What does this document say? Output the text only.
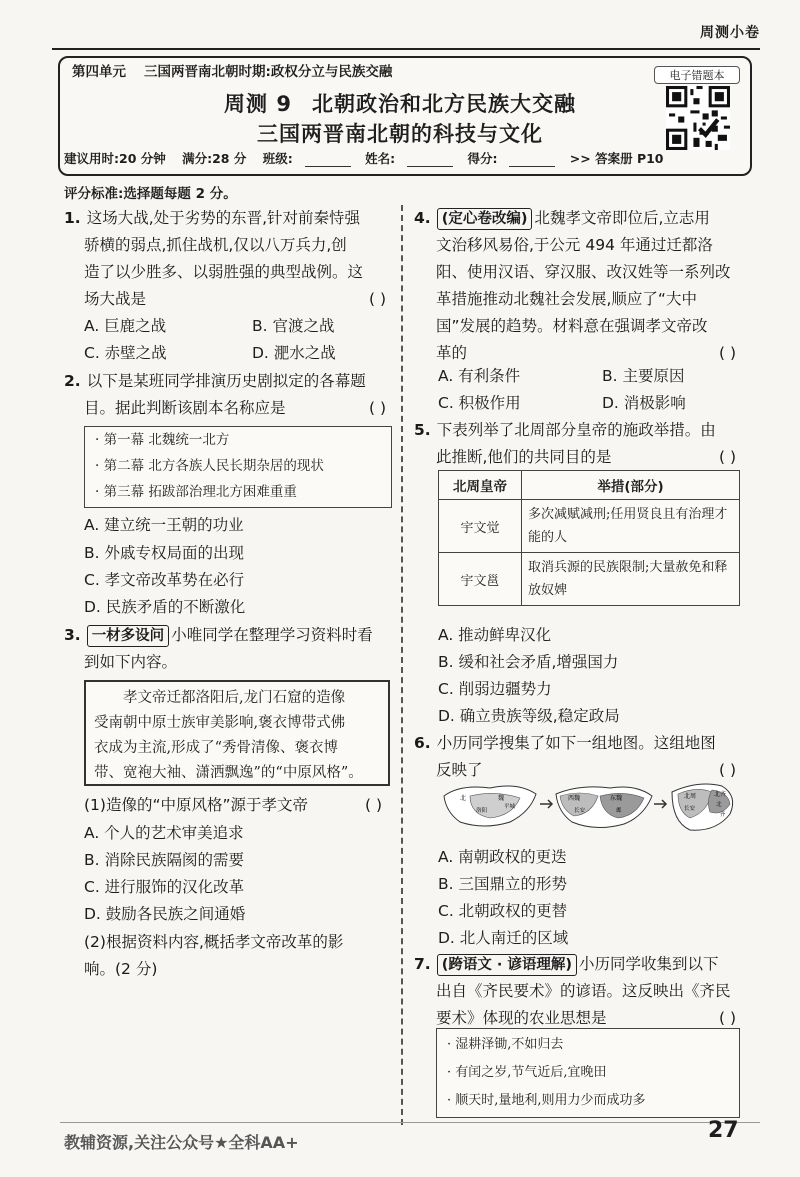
周测小卷
第四单元 三国两晋南北朝时期:政权分立与民族交融
周测 9 北朝政治和北方民族大交融
三国两晋南北朝的科技与文化
建议用时:20 分钟 满分:28 分 班级:	姓名:	得分:	>> 答案册 P10
电子错题本
评分标准:选择题每题 2 分。
1. 这场大战,处于劣势的东晋,针对前秦恃强
骄横的弱点,抓住战机,仅以八万兵力,创
造了以少胜多、以弱胜强的典型战例。这
场大战是	( )
A. 巨鹿之战	B. 官渡之战
C. 赤壁之战	D. 淝水之战
2. 以下是某班同学排演历史剧拟定的各幕题
目。据此判断该剧本名称应是	( )
· 第一幕 北魏统一北方
· 第二幕 北方各族人民长期杂居的现状
· 第三幕 拓跋部治理北方困难重重
A. 建立统一王朝的功业
B. 外戚专权局面的出现
C. 孝文帝改革势在必行
D. 民族矛盾的不断激化
3. 一材多设问 小唯同学在整理学习资料时看
到如下内容。
孝文帝迁都洛阳后,龙门石窟的造像
受南朝中原士族审美影响,褒衣博带式佛
衣成为主流,形成了“秀骨清像、褒衣博
带、宽袍大袖、潇洒飘逸”的“中原风格”。
(1)造像的“中原风格”源于孝文帝	( )
A. 个人的艺术审美追求
B. 消除民族隔阂的需要
C. 进行服饰的汉化改革
D. 鼓励各民族之间通婚
(2)根据资料内容,概括孝文帝改革的影
响。(2 分)
4. (定心卷改编) 北魏孝文帝即位后,立志用
文治移风易俗,于公元 494 年通过迁都洛
阳、使用汉语、穿汉服、改汉姓等一系列改
革措施推动北魏社会发展,顺应了“大中
国”发展的趋势。材料意在强调孝文帝改
革的	( )
A. 有利条件	B. 主要原因
C. 积极作用	D. 消极影响
5. 下表列举了北周部分皇帝的施政举措。由
此推断,他们的共同目的是	( )
北周皇帝	举措(部分)
宇文觉	多次减赋减刑;任用贤良且有治理才能的人
宇文邕	取消兵源的民族限制;大量赦免和释放奴婢
A. 推动鲜卑汉化
B. 缓和社会矛盾,增强国力
C. 削弱边疆势力
D. 确立贵族等级,稳定政局
6. 小历同学搜集了如下一组地图。这组地图
反映了	( )
北	魏
洛阳
平城
西魏	东魏
长安	邺
北周	北齐
长安
北
齐
A. 南朝政权的更迭
B. 三国鼎立的形势
C. 北朝政权的更替
D. 北人南迁的区域
7. (跨语文 · 谚语理解) 小历同学收集到以下
出自《齐民要术》的谚语。这反映出《齐民
要术》体现的农业思想是	( )
· 湿耕泽锄,不如归去
· 有闰之岁,节气近后,宜晚田
· 顺天时,量地利,则用力少而成功多
教辅资源,关注公众号★全科AA+	27
